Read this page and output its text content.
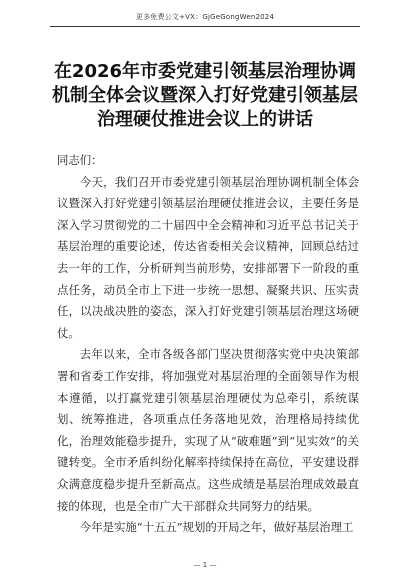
更多免费公文+VX：GjGeGongWen2024
在2026年市委党建引领基层治理协调机制全体会议暨深入打好党建引领基层治理硬仗推进会议上的讲话

同志们：

今天，我们召开市委党建引领基层治理协调机制全体会议暨深入打好党建引领基层治理硬仗推进会议，主要任务是深入学习贯彻党的二十届四中全会精神和习近平总书记关于基层治理的重要论述，传达省委相关会议精神，回顾总结过去一年的工作，分析研判当前形势，安排部署下一阶段的重点任务，动员全市上下进一步统一思想、凝聚共识、压实责任，以决战决胜的姿态，深入打好党建引领基层治理这场硬仗。

去年以来，全市各级各部门坚决贯彻落实党中央决策部署和省委工作安排，将加强党对基层治理的全面领导作为根本遵循，以打赢党建引领基层治理硬仗为总牵引，系统谋划、统筹推进，各项重点任务落地见效，治理格局持续优化，治理效能稳步提升，实现了从“破难题”到“见实效”的关键转变。全市矛盾纠纷化解率持续保持在高位，平安建设群众满意度稳步提升至新高点。这些成绩是基层治理成效最直接的体现，也是全市广大干部群众共同努力的结果。

今年是实施“十五五”规划的开局之年，做好基层治理工

— 1 —
